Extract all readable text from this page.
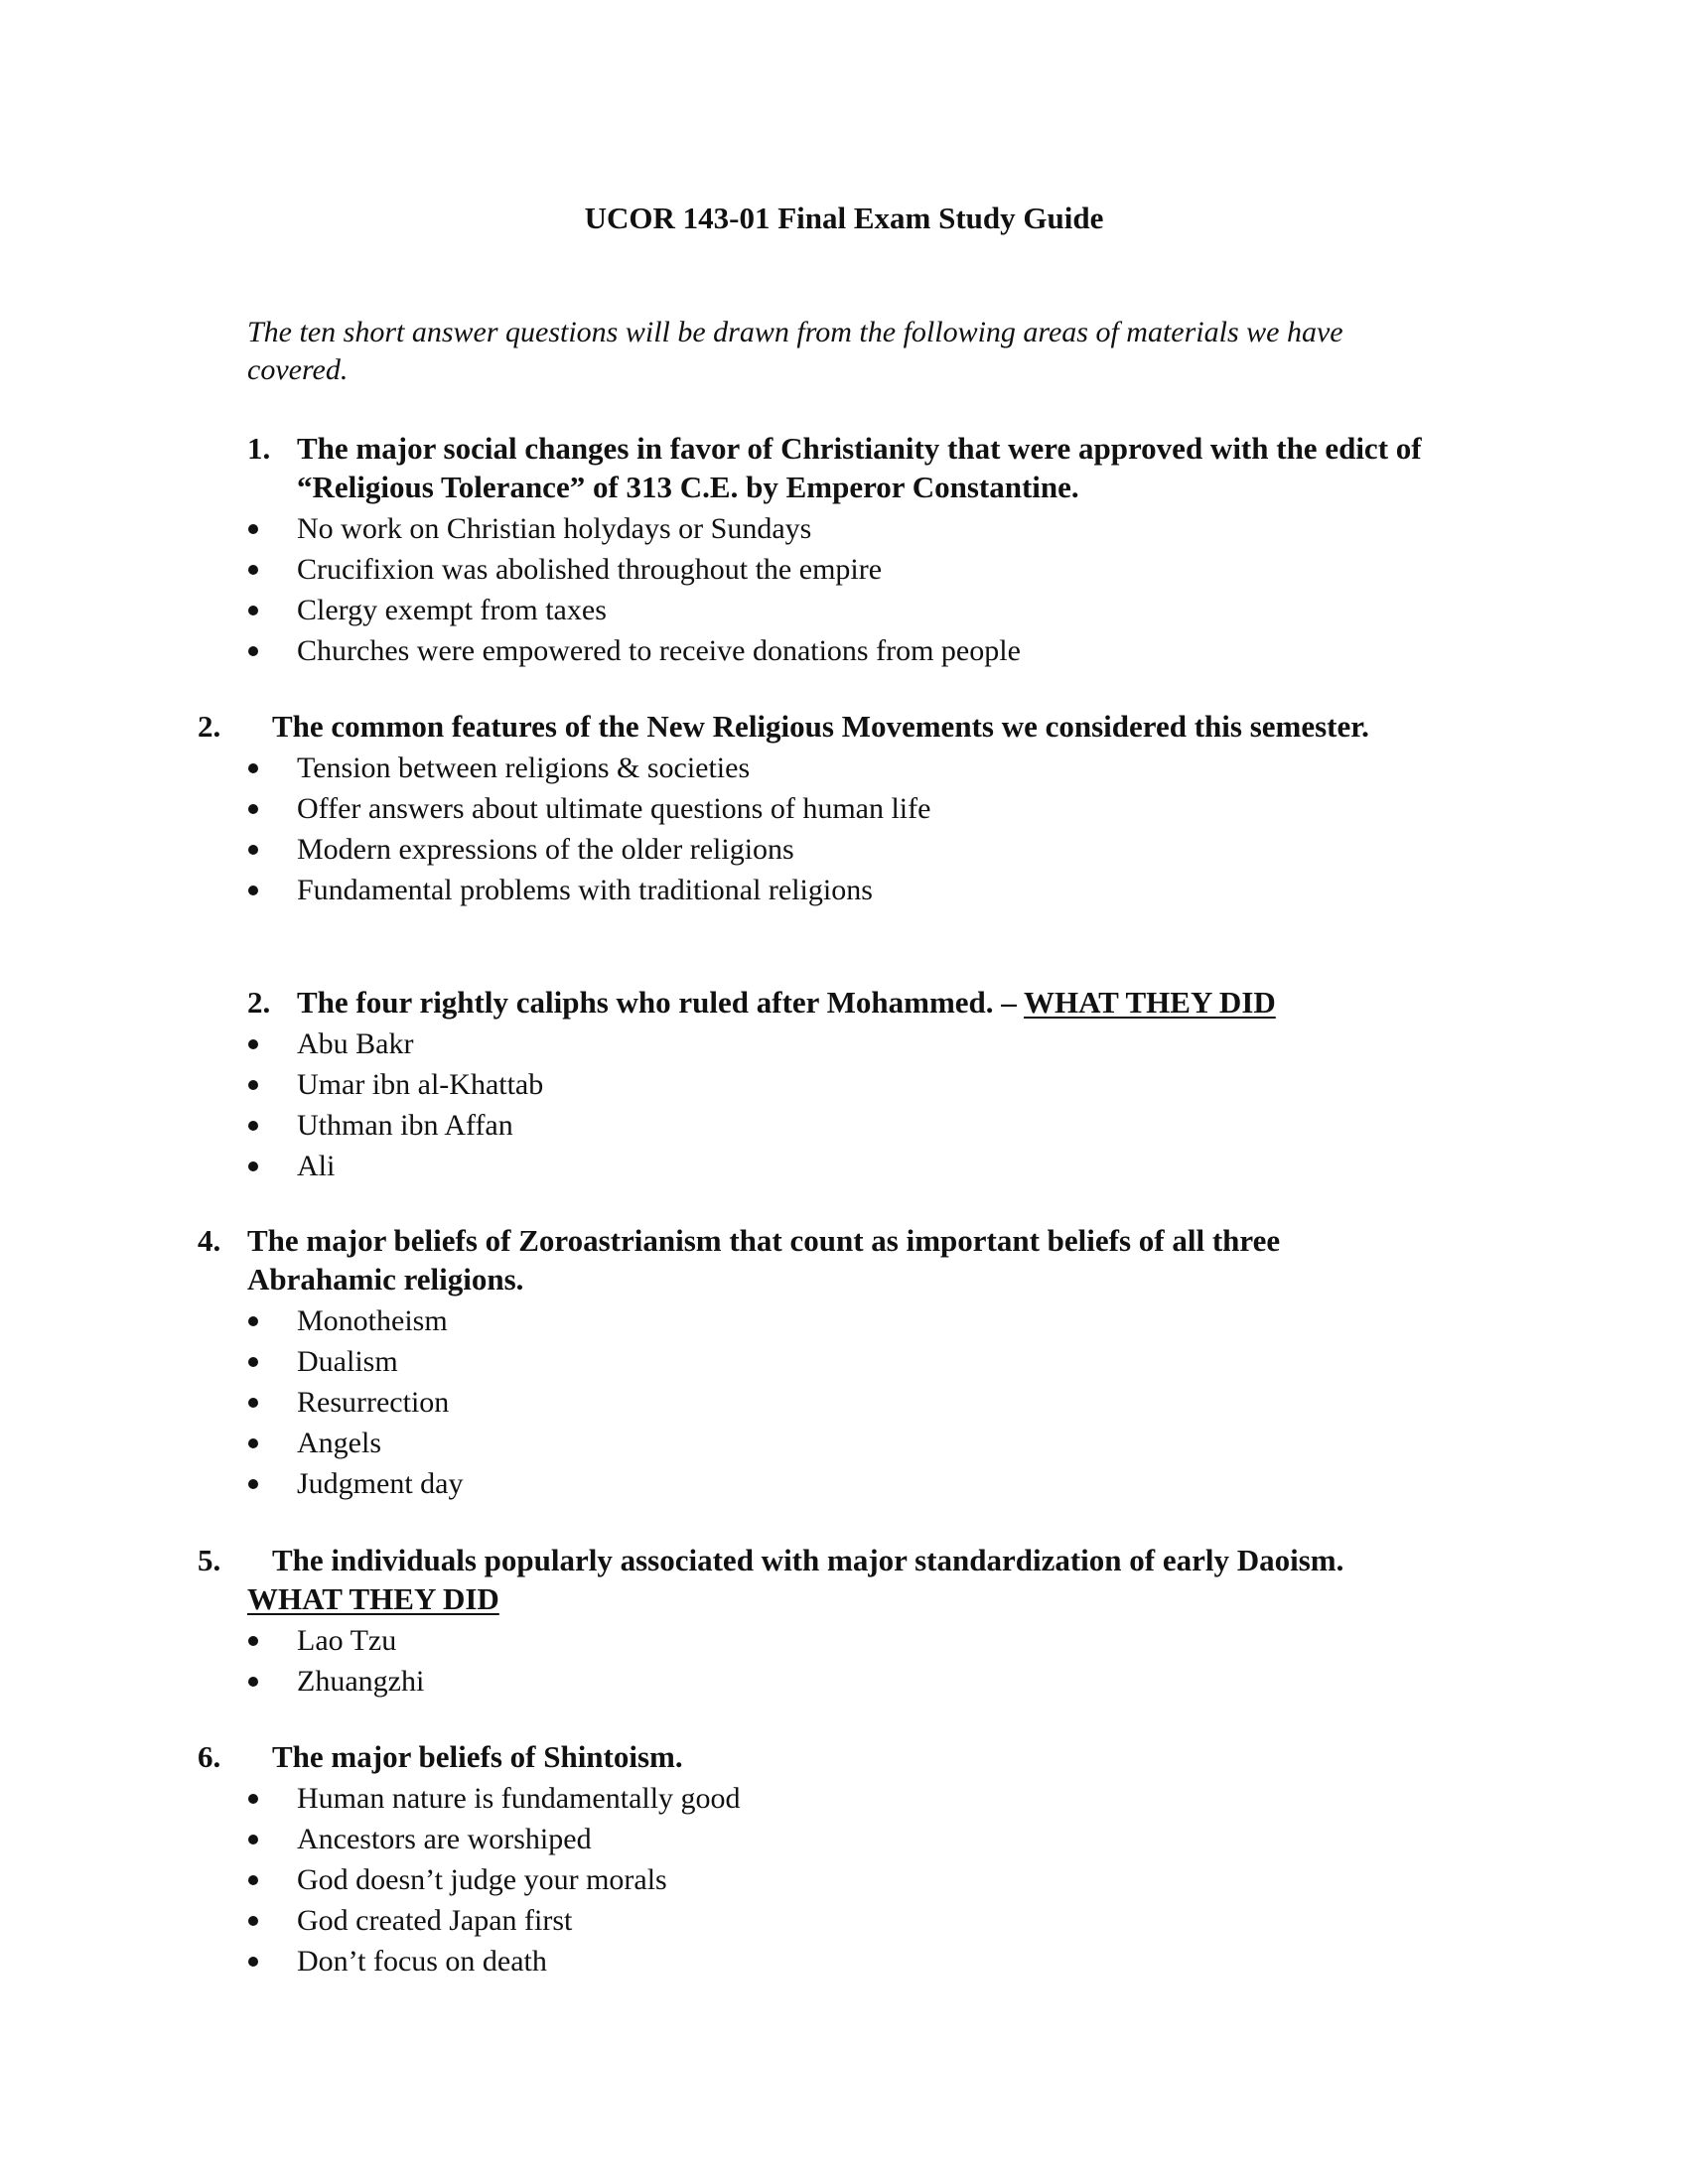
UCOR 143-01 Final Exam Study Guide
The ten short answer questions will be drawn from the following areas of materials we have covered.
1. The major social changes in favor of Christianity that were approved with the edict of “Religious Tolerance” of 313 C.E. by Emperor Constantine.
No work on Christian holydays or Sundays
Crucifixion was abolished throughout the empire
Clergy exempt from taxes
Churches were empowered to receive donations from people
2.	The common features of the New Religious Movements we considered this semester.
Tension between religions & societies
Offer answers about ultimate questions of human life
Modern expressions of the older religions
Fundamental problems with traditional religions
2. The four rightly caliphs who ruled after Mohammed. – WHAT THEY DID
Abu Bakr
Umar ibn al-Khattab
Uthman ibn Affan
Ali
4. The major beliefs of Zoroastrianism that count as important beliefs of all three Abrahamic religions.
Monotheism
Dualism
Resurrection
Angels
Judgment day
5.	The individuals popularly associated with major standardization of early Daoism. WHAT THEY DID
Lao Tzu
Zhuangzhi
6.	The major beliefs of Shintoism.
Human nature is fundamentally good
Ancestors are worshiped
God doesn’t judge your morals
God created Japan first
Don’t focus on death
